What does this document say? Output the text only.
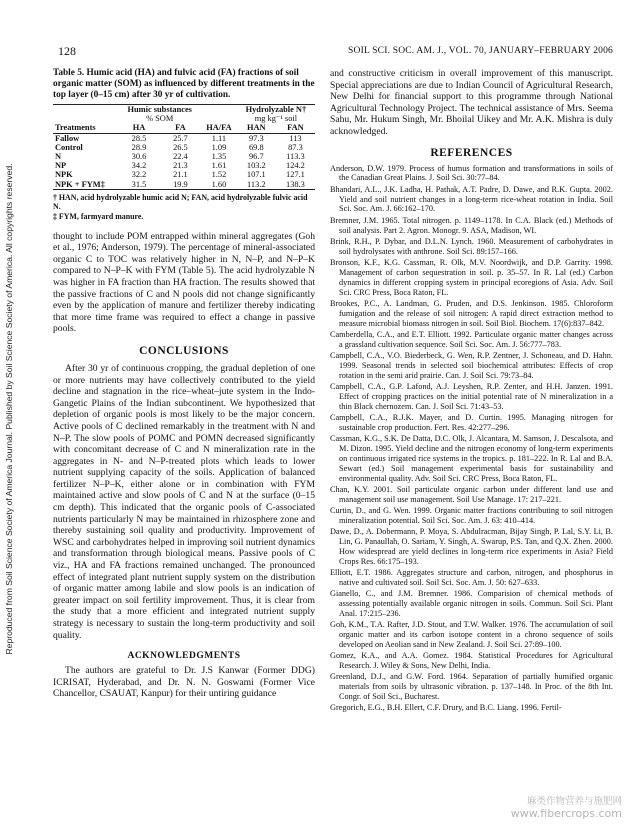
128	SOIL SCI. SOC. AM. J., VOL. 70, JANUARY–FEBRUARY 2006
Reproduced from Soil Science Society of America Journal. Published by Soil Science Society of America. All copyrights reserved.

Table 5. Humic acid (HA) and fulvic acid (FA) fractions of soil organic matter (SOM) as influenced by different treatments in the top layer (0–15 cm) after 30 yr of cultivation.

	Humic substances			Hydrolyzable N†	
	% SOM			mg kg⁻¹ soil	
Treatments	HA	FA	HA/FA	HAN	FAN
Fallow	28.5	25.7	1.11	97.3	113
Control	28.9	26.5	1.09	69.8	87.3
N	30.6	22.4	1.35	96.7	113.3
NP	34.2	21.3	1.61	103.2	124.2
NPK	32.2	21.1	1.52	107.1	127.1
NPK + FYM‡	31.5	19.9	1.60	113.2	138.3
† HAN, acid hydrolyzable humic acid N; FAN, acid hydrolyzable fulvic acid N.
‡ FYM, farmyard manure.

thought to include POM entrapped within mineral aggregates (Goh et al., 1976; Anderson, 1979). The percentage of mineral-associated organic C to TOC was relatively higher in N, N–P, and N–P–K compared to N–P–K with FYM (Table 5). The acid hydrolyzable N was higher in FA fraction than HA fraction. The results showed that the passive fractions of C and N pools did not change significantly even by the application of manure and fertilizer thereby indicating that more time frame was required to effect a change in passive pools.

CONCLUSIONS

After 30 yr of continuous cropping, the gradual depletion of one or more nutrients may have collectively contributed to the yield decline and stagnation in the rice–wheat–jute system in the Indo-Gangetic Plains of the Indian subcontinent. We hypothesized that depletion of organic pools is most likely to be the major concern. Active pools of C declined remarkably in the treatment with N and N–P. The slow pools of POMC and POMN decreased significantly with concomitant decrease of C and N mineralization rate in the aggregates in N- and N–P-treated plots which leads to lower nutrient supplying capacity of the soils. Application of balanced fertilizer N–P–K, either alone or in combination with FYM maintained active and slow pools of C and N at the surface (0–15 cm depth). This indicated that the organic pools of C-associated nutrients particularly N may be maintained in rhizosphere zone and thereby sustaining soil quality and productivity. Improvement of WSC and carbohydrates helped in improving soil nutrient dynamics and transformation through biological means. Passive pools of C viz., HA and FA fractions remained unchanged. The pronounced effect of integrated plant nutrient supply system on the distribution of organic matter among labile and slow pools is an indication of greater impact on soil fertility improvement. Thus, it is clear from the study that a more efficient and integrated nutrient supply strategy is necessary to sustain the long-term productivity and soil quality.

ACKNOWLEDGMENTS

The authors are grateful to Dr. J.S Kanwar (Former DDG) ICRISAT, Hyderabad, and Dr. N. N. Goswami (Former Vice Chancellor, CSAUAT, Kanpur) for their untiring guidance

and constructive criticism in overall improvement of this manuscript. Special appreciations are due to Indian Council of Agricultural Research, New Delhi for financial support to this programme through National Agricultural Technology Project. The technical assistance of Mrs. Seema Sahu, Mr. Hukum Singh, Mr. Bhoilal Uikey and Mr. A.K. Mishra is duly acknowledged.

REFERENCES

Anderson, D.W. 1979. Process of humus formation and transformations in soils of the Canadian Great Plains. J. Soil Sci. 30:77–84.

Bhandari, A.L., J.K. Ladha, H. Pathak, A.T. Padre, D. Dawe, and R.K. Gupta. 2002. Yield and soil nutrient changes in a long-term rice-wheat rotation in India. Soil Sci. Soc. Am. J. 66:162–170.

Bremner, J.M. 1965. Total nitrogen. p. 1149–1178. In C.A. Black (ed.) Methods of soil analysis. Part 2. Agron. Monogr. 9. ASA, Madison, WI.

Brink, R.H., P. Dybar, and D.L.N. Lynch. 1960. Measurement of carbohydrates in soil hydrolysates with anthrone. Soil Sci. 89:157–166.

Bronson, K.F., K.G. Cassman, R. Olk, M.V. Noordwijk, and D.P. Garrity. 1998. Management of carbon sequestration in soil. p. 35–57. In R. Lal (ed.) Carbon dynamics in different cropping system in principal ecoregions of Asia. Adv. Soil Sci. CRC Press, Boca Raton, FL.

Brookes, P.C., A. Landman, G. Pruden, and D.S. Jenkinson. 1985. Chloroform fumigation and the release of soil nitrogen: A rapid direct extraction method to measure microbial biomass nitrogen in soil. Soil Biol. Biochem. 17(6):837–842.

Camberdella, C.A., and E.T. Elliott. 1992. Particulate organic matter changes across a grassland cultivation sequence. Soil Sci. Soc. Am. J. 56:777–783.

Campbell, C.A., V.O. Biederbeck, G. Wen, R.P. Zentner, J. Schoneau, and D. Hahn. 1999. Seasonal trends in selected soil biochemical attributes: Effects of crop rotation in the semi arid prairie. Can. J. Soil Sci. 79:73–84.

Campbell, C.A., G.P. Lafond, A.J. Leyshen, R.P. Zenter, and H.H. Janzen. 1991. Effect of cropping practices on the initial potential rate of N mineralization in a thin Black chernozem. Can. J. Soil Sci. 71:43–53.

Campbell, C.A., R.J.K. Mayer, and D. Curtin. 1995. Managing nitrogen for sustainable crop production. Fert. Res. 42:277–296.

Cassman, K.G., S.K. De Datta, D.C. Olk, J. Alcantara, M. Samson, J. Descalsota, and M. Dizon. 1995. Yield decline and the nitrogen economy of long-term experiments on continuous irrigated rice systems in the tropics. p. 181–222. In R. Lal and B.A. Sewart (ed.) Soil management experimental basis for sustainability and environmental quality. Adv. Soil Sci. CRC Press, Boca Raton, FL.

Chan, K.Y. 2001. Soil particulate organic carbon under different land use and management soil use management. Soil Use Manage. 17: 217–221.

Curtin, D., and G. Wen. 1999. Organic matter fractions contributing to soil nitrogen mineralization potential. Soil Sci. Soc. Am. J. 63: 410–414.

Dawe, D., A. Dobermann, P. Moya, S. Abdulracman, Bijay Singh, P. Lal, S.Y. Li, B. Lin, G. Panaullah, O. Sariam, Y. Singh, A. Swarup, P.S. Tan, and Q.X. Zhen. 2000. How widespread are yield declines in long-term rice experiments in Asia? Field Crops Res. 66:175–193.

Elliott, E.T. 1986. Aggregates structure and carbon, nitrogen, and phosphorus in native and cultivated soil. Soil Sci. Soc. Am. J. 50: 627–633.

Gianello, C., and J.M. Bremner. 1986. Comparision of chemical methods of assessing potentially available organic nitrogen in soils. Commun. Soil Sci. Plant Anal. 17:215–236.

Goh, K.M., T.A. Rafter, J.D. Stout, and T.W. Walker. 1976. The accumulation of soil organic matter and its carbon isotope content in a chrono sequence of soils developed on Aeolian sand in New Zealand. J. Soil Sci. 27:89–100.

Gomez, K.A., and A.A. Gomez. 1984. Statistical Procedures for Agricultural Research. J. Wiley & Sons, New Delhi, India.

Greenland, D.J., and G.W. Ford. 1964. Separation of partially humified organic materials from soils by ultrasonic vibration. p. 137–148. In Proc. of the 8th Int. Congr. of Soil Sci., Bucharest.

Gregorich, E.G., B.H. Ellert, C.F. Drury, and B.C. Liang. 1996. Fertil-

麻类作物营养与施肥网
www.fibercrops.com
